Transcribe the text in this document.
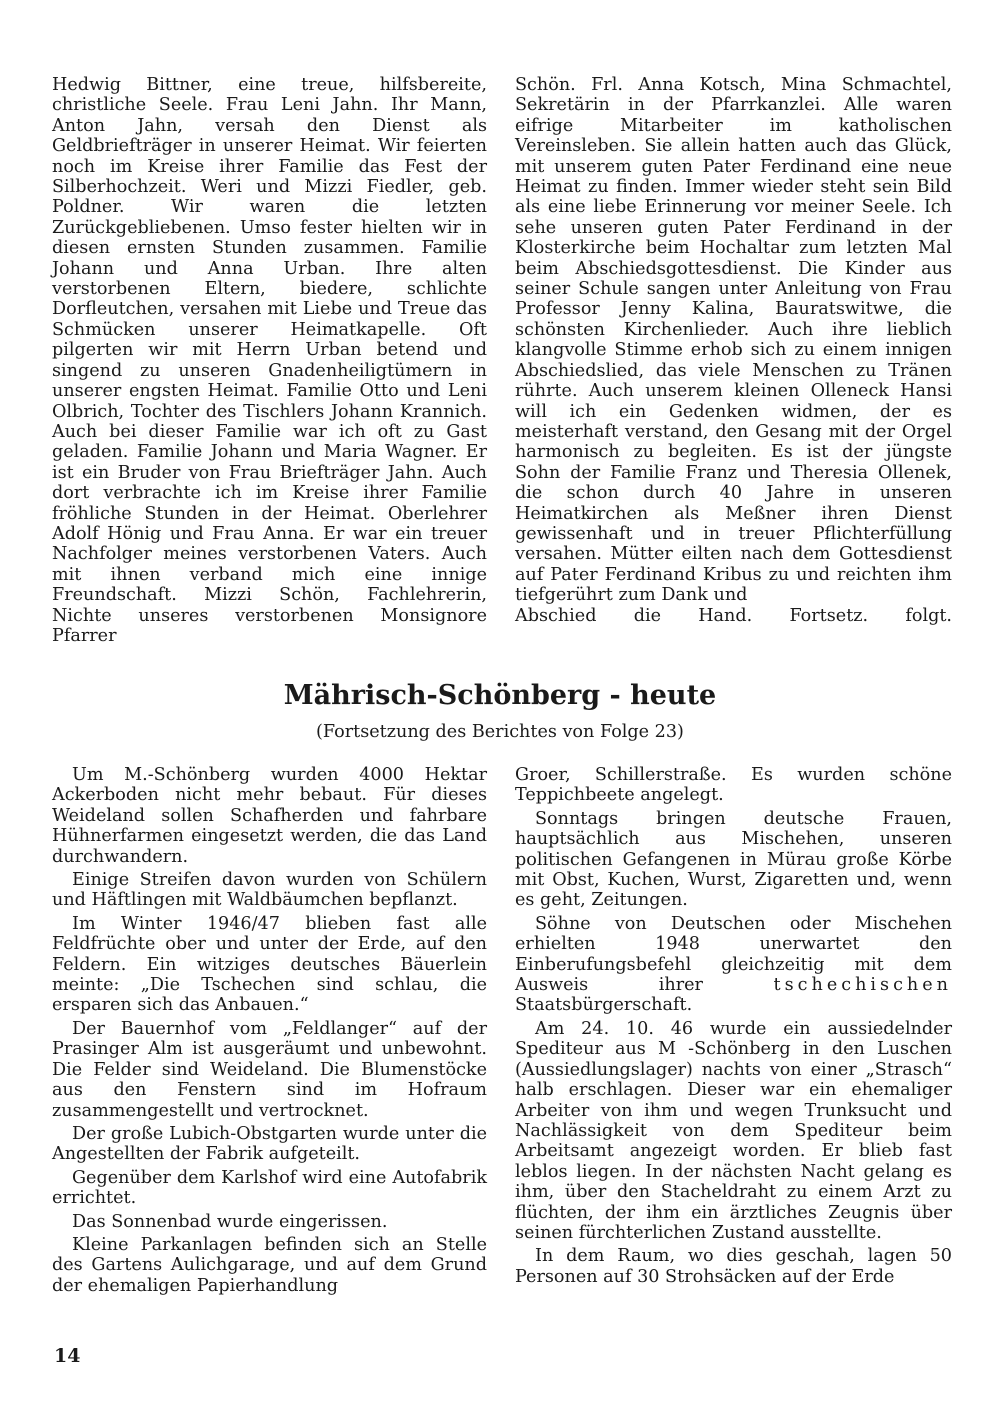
Hedwig Bittner, eine treue, hilfsbereite, christliche Seele. Frau Leni Jahn. Ihr Mann, Anton Jahn, versah den Dienst als Geldbriefträger in unserer Heimat. Wir feierten noch im Kreise ihrer Familie das Fest der Silberhochzeit. Weri und Mizzi Fiedler, geb. Poldner. Wir waren die letzten Zurückgebliebenen. Umso fester hielten wir in diesen ernsten Stunden zusammen. Familie Johann und Anna Urban. Ihre alten verstorbenen Eltern, biedere, schlichte Dorfleutchen, versahen mit Liebe und Treue das Schmücken unserer Heimatkapelle. Oft pilgerten wir mit Herrn Urban betend und singend zu unseren Gnadenheiligtümern in unserer engsten Heimat. Familie Otto und Leni Olbrich, Tochter des Tischlers Johann Krannich. Auch bei dieser Familie war ich oft zu Gast geladen. Familie Johann und Maria Wagner. Er ist ein Bruder von Frau Briefträger Jahn. Auch dort verbrachte ich im Kreise ihrer Familie fröhliche Stunden in der Heimat. Oberlehrer Adolf Hönig und Frau Anna. Er war ein treuer Nachfolger meines verstorbenen Vaters. Auch mit ihnen verband mich eine innige Freundschaft. Mizzi Schön, Fachlehrerin, Nichte unseres verstorbenen Monsignore Pfarrer

Schön. Frl. Anna Kotsch, Mina Schmachtel, Sekretärin in der Pfarrkanzlei. Alle waren eifrige Mitarbeiter im katholischen Vereinsleben. Sie allein hatten auch das Glück, mit unserem guten Pater Ferdinand eine neue Heimat zu finden. Immer wieder steht sein Bild als eine liebe Erinnerung vor meiner Seele. Ich sehe unseren guten Pater Ferdinand in der Klosterkirche beim Hochaltar zum letzten Mal beim Abschiedsgottesdienst. Die Kinder aus seiner Schule sangen unter Anleitung von Frau Professor Jenny Kalina, Bauratswitwe, die schönsten Kirchenlieder. Auch ihre lieblich klangvolle Stimme erhob sich zu einem innigen Abschiedslied, das viele Menschen zu Tränen rührte. Auch unserem kleinen Olleneck Hansi will ich ein Gedenken widmen, der es meisterhaft verstand, den Gesang mit der Orgel harmonisch zu begleiten. Es ist der jüngste Sohn der Familie Franz und Theresia Ollenek, die schon durch 40 Jahre in unseren Heimatkirchen als Meßner ihren Dienst gewissenhaft und in treuer Pflichterfüllung versahen. Mütter eilten nach dem Gottesdienst auf Pater Ferdinand Kribus zu und reichten ihm tiefgerührt zum Dank und

Abschied die Hand. Fortsetz. folgt.

Mährisch-Schönberg - heute

(Fortsetzung des Berichtes von Folge 23)

Um M.-Schönberg wurden 4000 Hektar Ackerboden nicht mehr bebaut. Für dieses Weideland sollen Schafherden und fahrbare Hühnerfarmen eingesetzt werden, die das Land durchwandern.

Einige Streifen davon wurden von Schülern und Häftlingen mit Waldbäumchen bepflanzt.

Im Winter 1946/47 blieben fast alle Feldfrüchte ober und unter der Erde, auf den Feldern. Ein witziges deutsches Bäuerlein meinte: „Die Tschechen sind schlau, die ersparen sich das Anbauen.“

Der Bauernhof vom „Feldlanger“ auf der Prasinger Alm ist ausgeräumt und unbewohnt. Die Felder sind Weideland. Die Blumenstöcke aus den Fenstern sind im Hofraum zusammengestellt und vertrocknet.

Der große Lubich-Obstgarten wurde unter die Angestellten der Fabrik aufgeteilt.

Gegenüber dem Karlshof wird eine Autofabrik errichtet.

Das Sonnenbad wurde eingerissen.

Kleine Parkanlagen befinden sich an Stelle des Gartens Aulichgarage, und auf dem Grund der ehemaligen Papierhandlung

Groer, Schillerstraße. Es wurden schöne Teppichbeete angelegt.

Sonntags bringen deutsche Frauen, hauptsächlich aus Mischehen, unseren politischen Gefangenen in Mürau große Körbe mit Obst, Kuchen, Wurst, Zigaretten und, wenn es geht, Zeitungen.

Söhne von Deutschen oder Mischehen erhielten 1948 unerwartet den Einberufungsbefehl gleichzeitig mit dem Ausweis ihrer	tschechischen Staatsbürgerschaft.

Am 24. 10. 46 wurde ein aussiedelnder Spediteur aus M -Schönberg in den Luschen (Aussiedlungslager) nachts von einer „Strasch“ halb erschlagen. Dieser war ein ehemaliger Arbeiter von ihm und wegen Trunksucht und Nachlässigkeit von dem Spediteur beim Arbeitsamt angezeigt worden. Er blieb fast leblos liegen. In der nächsten Nacht gelang es ihm, über den Stacheldraht zu einem Arzt zu flüchten, der ihm ein ärztliches Zeugnis über seinen fürchterlichen Zustand ausstellte.

In dem Raum, wo dies geschah, lagen 50 Personen auf 30 Strohsäcken auf der Erde

14
